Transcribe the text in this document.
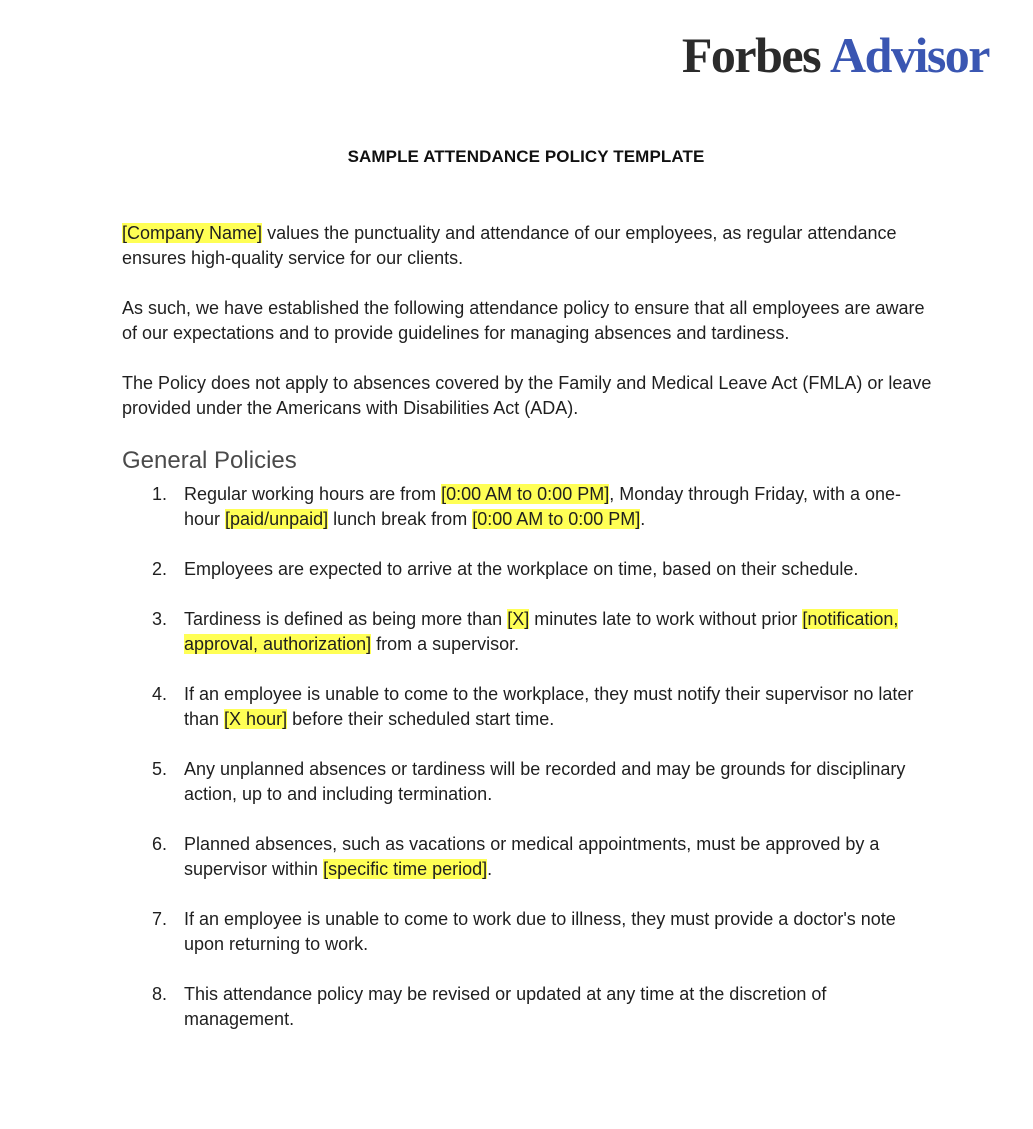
Forbes Advisor
SAMPLE ATTENDANCE POLICY TEMPLATE

[Company Name] values the punctuality and attendance of our employees, as regular attendance ensures high-quality service for our clients.

As such, we have established the following attendance policy to ensure that all employees are aware of our expectations and to provide guidelines for managing absences and tardiness.

The Policy does not apply to absences covered by the Family and Medical Leave Act (FMLA) or leave provided under the Americans with Disabilities Act (ADA).

General Policies
1. Regular working hours are from [0:00 AM to 0:00 PM], Monday through Friday, with a one-hour [paid/unpaid] lunch break from [0:00 AM to 0:00 PM].
2. Employees are expected to arrive at the workplace on time, based on their schedule.
3. Tardiness is defined as being more than [X] minutes late to work without prior [notification, approval, authorization] from a supervisor.
4. If an employee is unable to come to the workplace, they must notify their supervisor no later than [X hour] before their scheduled start time.
5. Any unplanned absences or tardiness will be recorded and may be grounds for disciplinary action, up to and including termination.
6. Planned absences, such as vacations or medical appointments, must be approved by a supervisor within [specific time period].
7. If an employee is unable to come to work due to illness, they must provide a doctor's note upon returning to work.
8. This attendance policy may be revised or updated at any time at the discretion of management.
